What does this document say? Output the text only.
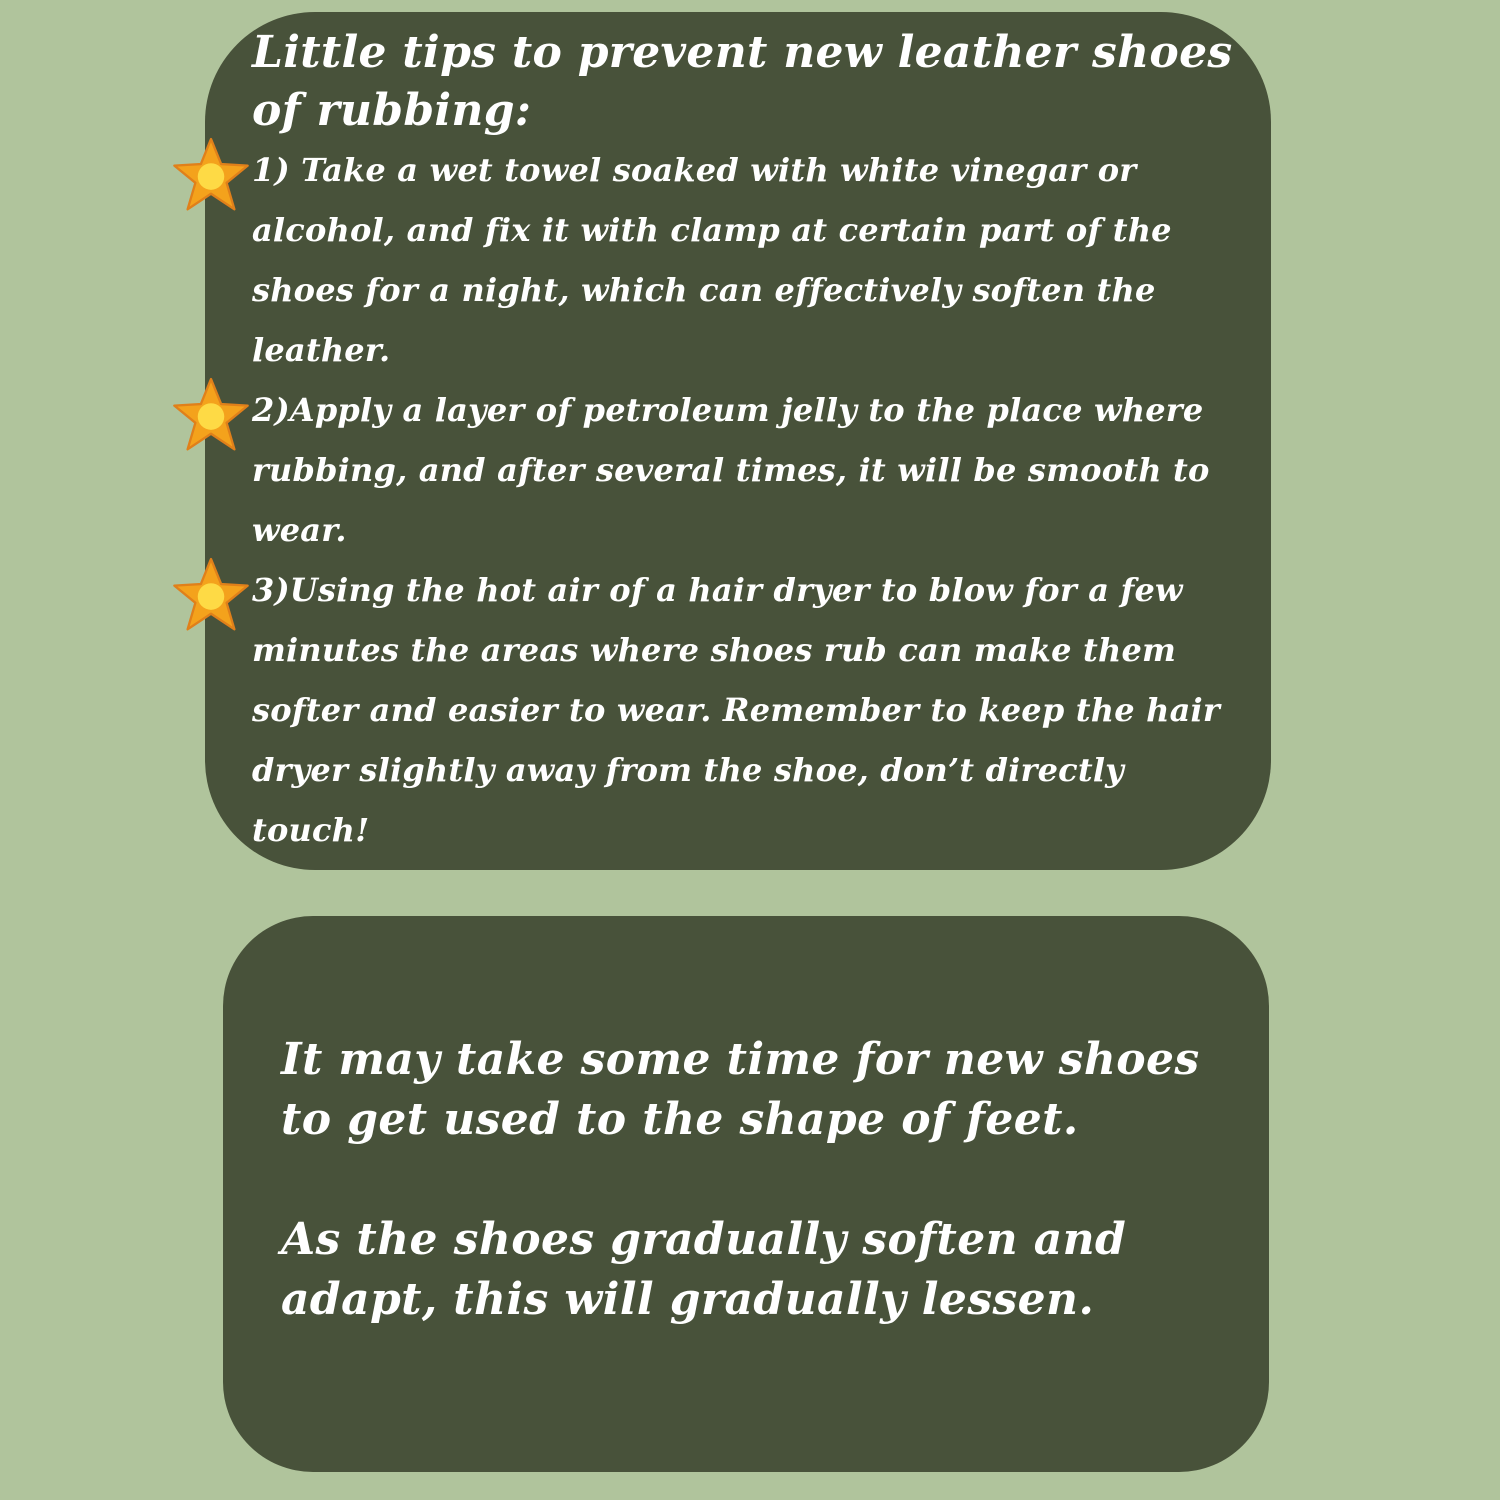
Little tips to prevent new leather shoes of rubbing:
1) Take a wet towel soaked with white vinegar or alcohol, and fix it with clamp at certain part of the shoes for a night, which can effectively soften the leather.
2)Apply a layer of petroleum jelly to the place where rubbing, and after several times, it will be smooth to wear.
3)Using the hot air of a hair dryer to blow for a few minutes the areas where shoes rub can make them softer and easier to wear. Remember to keep the hair dryer slightly away from the shoe, don’t directly touch!

It may take some time for new shoes to get used to the shape of feet.

As the shoes gradually soften and adapt, this will gradually lessen.
